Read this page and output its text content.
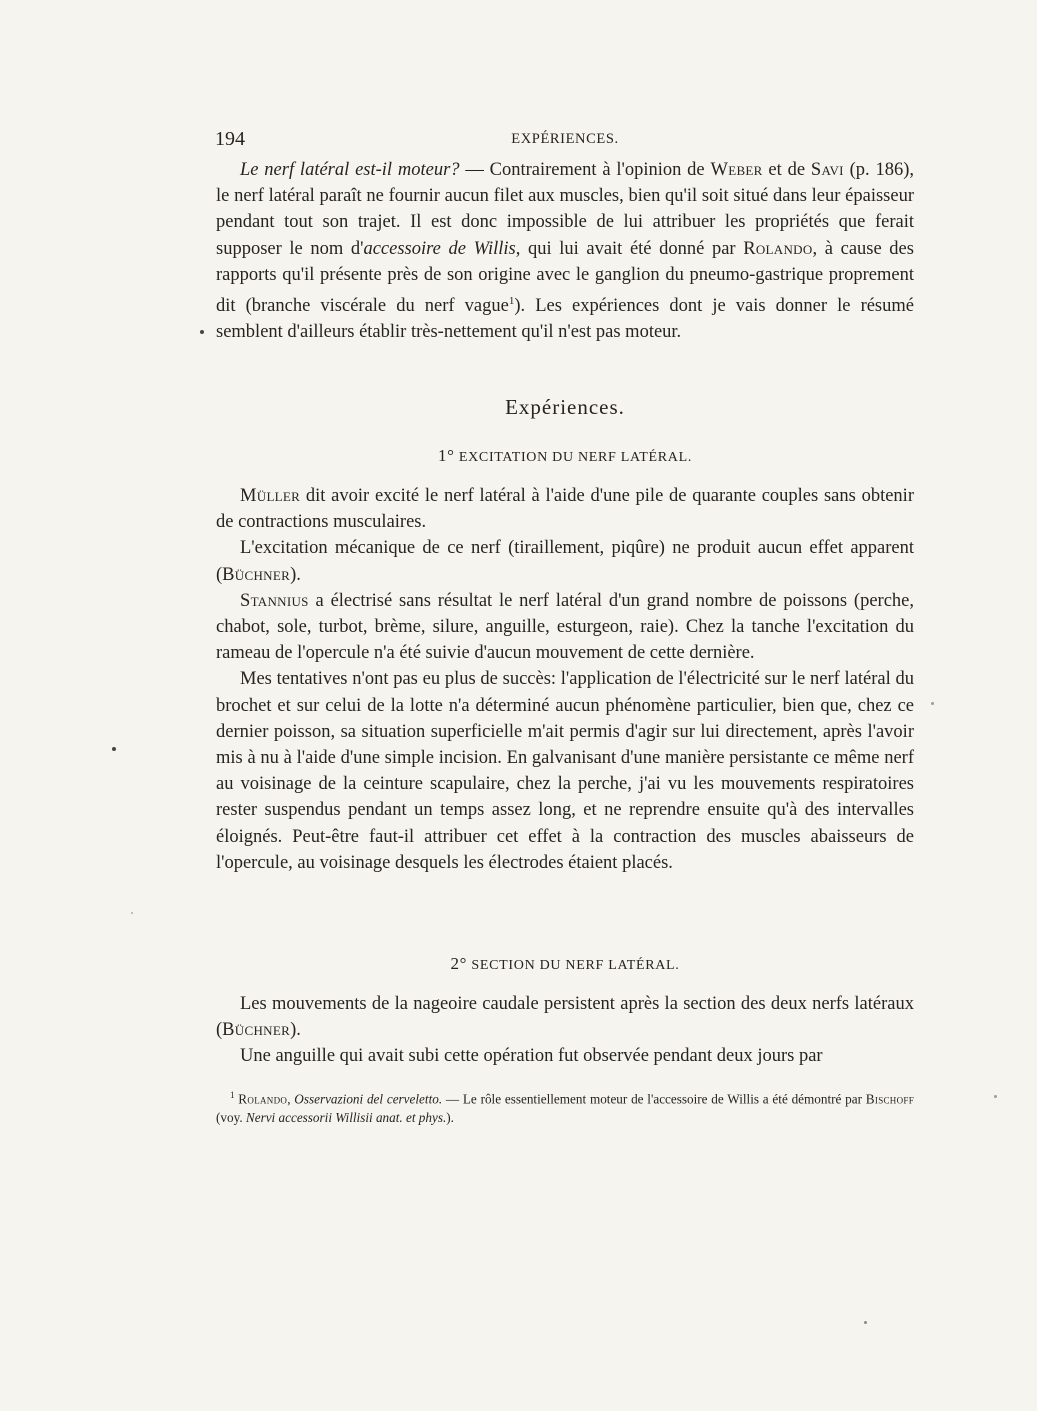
194	EXPÉRIENCES.

Le nerf latéral est-il moteur? — Contrairement à l'opinion de Weber et de Savi (p. 186), le nerf latéral paraît ne fournir aucun filet aux muscles, bien qu'il soit situé dans leur épaisseur pendant tout son trajet. Il est donc impossible de lui attribuer les propriétés que ferait supposer le nom d'accessoire de Willis, qui lui avait été donné par Rolando, à cause des rapports qu'il présente près de son origine avec le ganglion du pneumo-gastrique proprement dit (branche viscérale du nerf vague$^1$). Les expériences dont je vais donner le résumé semblent d'ailleurs établir très-nettement qu'il n'est pas moteur.

Expériences.
1° EXCITATION DU NERF LATÉRAL.

Müller dit avoir excité le nerf latéral à l'aide d'une pile de quarante couples sans obtenir de contractions musculaires.

L'excitation mécanique de ce nerf (tiraillement, piqûre) ne produit aucun effet apparent (Büchner).

Stannius a électrisé sans résultat le nerf latéral d'un grand nombre de poissons (perche, chabot, sole, turbot, brème, silure, anguille, esturgeon, raie). Chez la tanche l'excitation du rameau de l'opercule n'a été suivie d'aucun mouvement de cette dernière.

Mes tentatives n'ont pas eu plus de succès: l'application de l'électricité sur le nerf latéral du brochet et sur celui de la lotte n'a déterminé aucun phénomène particulier, bien que, chez ce dernier poisson, sa situation superficielle m'ait permis d'agir sur lui directement, après l'avoir mis à nu à l'aide d'une simple incision. En galvanisant d'une manière persistante ce même nerf au voisinage de la ceinture scapulaire, chez la perche, j'ai vu les mouvements respiratoires rester suspendus pendant un temps assez long, et ne reprendre ensuite qu'à des intervalles éloignés. Peut-être faut-il attribuer cet effet à la contraction des muscles abaisseurs de l'opercule, au voisinage desquels les électrodes étaient placés.

2° SECTION DU NERF LATÉRAL.

Les mouvements de la nageoire caudale persistent après la section des deux nerfs latéraux (Büchner).

Une anguille qui avait subi cette opération fut observée pendant deux jours par

$^1$ Rolando, Osservazioni del cerveletto. — Le rôle essentiellement moteur de l'accessoire de Willis a été démontré par Bischoff (voy. Nervi accessorii Willisii anat. et phys.).
